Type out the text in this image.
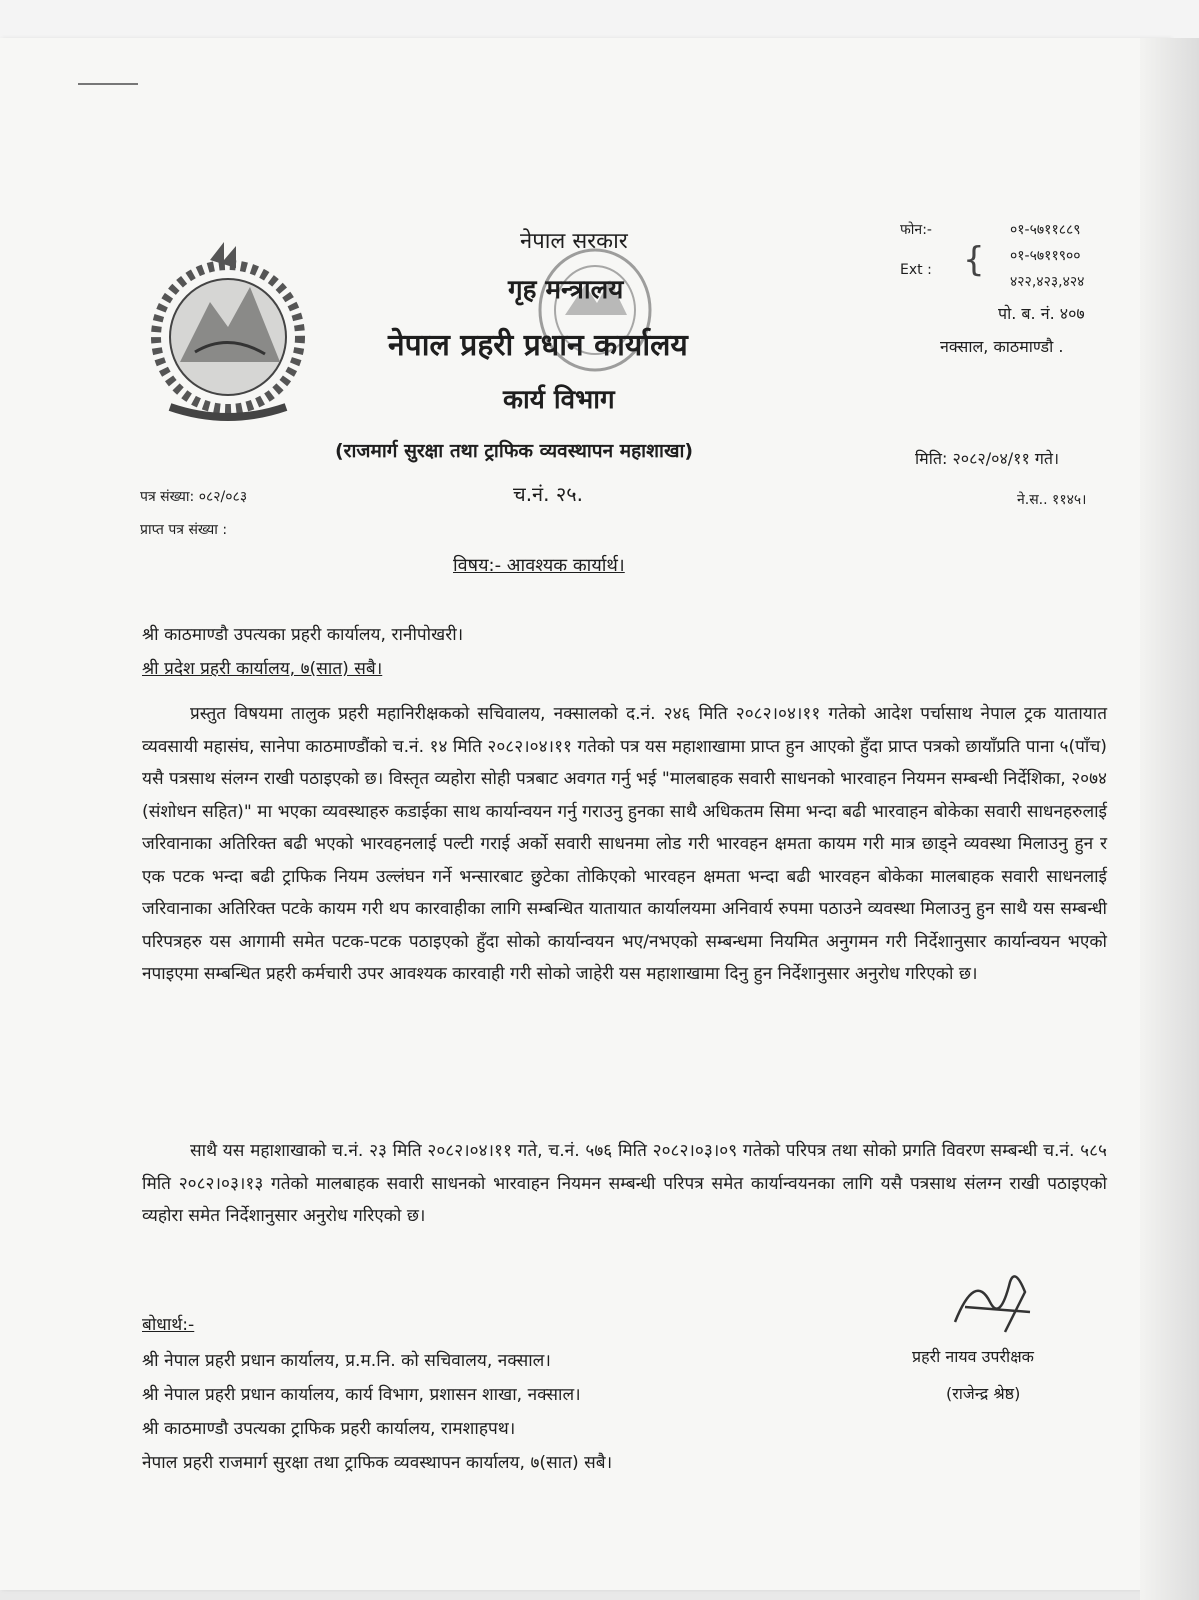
नेपाल सरकार
गृह मन्त्रालय
नेपाल प्रहरी प्रधान कार्यालय
कार्य विभाग
(राजमार्ग सुरक्षा तथा ट्राफिक व्यवस्थापन महाशाखा)
फोन:-	०१-५७११८८९
Ext : { ०१-५७११९००
४२२,४२३,४२४
पो. ब. नं. ४०७
नक्साल, काठमाण्डौ .
मिति: २०८२/०४/११ गते।
ने.स.. ११४५।
पत्र संख्या: ०८२/०८३
प्राप्त पत्र संख्या :
च.नं. २५.
विषय:- आवश्यक कार्यार्थ।
श्री काठमाण्डौ उपत्यका प्रहरी कार्यालय, रानीपोखरी।
श्री प्रदेश प्रहरी कार्यालय, ७(सात) सबै।
प्रस्तुत विषयमा तालुक प्रहरी महानिरीक्षकको सचिवालय, नक्सालको द.नं. २४६ मिति २०८२।०४।११ गतेको आदेश पर्चासाथ नेपाल ट्रक यातायात व्यवसायी महासंघ, सानेपा काठमाण्डौंको च.नं. १४ मिति २०८२।०४।११ गतेको पत्र यस महाशाखामा प्राप्त हुन आएको हुँदा प्राप्त पत्रको छायाँप्रति पाना ५(पाँच) यसै पत्रसाथ संलग्न राखी पठाइएको छ। विस्तृत व्यहोरा सोही पत्रबाट अवगत गर्नु भई "मालबाहक सवारी साधनको भारवाहन नियमन सम्बन्धी निर्देशिका, २०७४ (संशोधन सहित)" मा भएका व्यवस्थाहरु कडाईका साथ कार्यान्वयन गर्नु गराउनु हुनका साथै अधिकतम सिमा भन्दा बढी भारवाहन बोकेका सवारी साधनहरुलाई जरिवानाका अतिरिक्त बढी भएको भारवहनलाई पल्टी गराई अर्को सवारी साधनमा लोड गरी भारवहन क्षमता कायम गरी मात्र छाड्ने व्यवस्था मिलाउनु हुन र एक पटक भन्दा बढी ट्राफिक नियम उल्लंघन गर्ने भन्सारबाट छुटेका तोकिएको भारवहन क्षमता भन्दा बढी भारवहन बोकेका मालबाहक सवारी साधनलाई जरिवानाका अतिरिक्त पटके कायम गरी थप कारवाहीका लागि सम्बन्धित यातायात कार्यालयमा अनिवार्य रुपमा पठाउने व्यवस्था मिलाउनु हुन साथै यस सम्बन्धी परिपत्रहरु यस आगामी समेत पटक-पटक पठाइएको हुँदा सोको कार्यान्वयन भए/नभएको सम्बन्धमा नियमित अनुगमन गरी निर्देशानुसार कार्यान्वयन भएको नपाइएमा सम्बन्धित प्रहरी कर्मचारी उपर आवश्यक कारवाही गरी सोको जाहेरी यस महाशाखामा दिनु हुन निर्देशानुसार अनुरोध गरिएको छ।
साथै यस महाशाखाको च.नं. २३ मिति २०८२।०४।११ गते, च.नं. ५७६ मिति २०८२।०३।०९ गतेको परिपत्र तथा सोको प्रगति विवरण सम्बन्धी च.नं. ५८५ मिति २०८२।०३।१३ गतेको मालबाहक सवारी साधनको भारवाहन नियमन सम्बन्धी परिपत्र समेत कार्यान्वयनका लागि यसै पत्रसाथ संलग्न राखी पठाइएको व्यहोरा समेत निर्देशानुसार अनुरोध गरिएको छ।
प्रहरी नायव उपरीक्षक
(राजेन्द्र श्रेष्ठ)
बोधार्थ:-
श्री नेपाल प्रहरी प्रधान कार्यालय, प्र.म.नि. को सचिवालय, नक्साल।
श्री नेपाल प्रहरी प्रधान कार्यालय, कार्य विभाग, प्रशासन शाखा, नक्साल।
श्री काठमाण्डौ उपत्यका ट्राफिक प्रहरी कार्यालय, रामशाहपथ।
नेपाल प्रहरी राजमार्ग सुरक्षा तथा ट्राफिक व्यवस्थापन कार्यालय, ७(सात) सबै।
